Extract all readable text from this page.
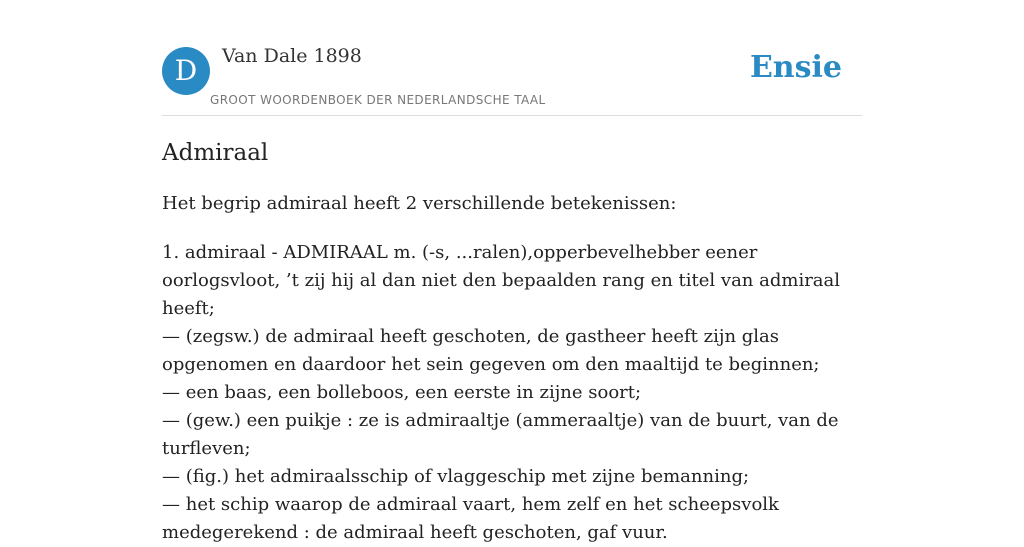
D	Van Dale 1898
GROOT WOORDENBOEK DER NEDERLANDSCHE TAAL
Ensie
Admiraal

Het begrip admiraal heeft 2 verschillende betekenissen:

1. admiraal - ADMIRAAL m. (-s, ...ralen),opperbevelhebber eener oorlogsvloot, ’t zij hij al dan niet den bepaalden rang en titel van admiraal heeft;
— (zegsw.) de admiraal heeft geschoten, de gastheer heeft zijn glas opgenomen en daardoor het sein gegeven om den maaltijd te beginnen;
— een baas, een bolleboos, een eerste in zijne soort;
— (gew.) een puikje : ze is admiraaltje (ammeraaltje) van de buurt, van de turfleven;
— (fig.) het admiraalsschip of vlaggeschip met zijne bemanning;
— het schip waarop de admiraal vaart, hem zelf en het scheepsvolk medegerekend : de admiraal heeft geschoten, gaf vuur.
